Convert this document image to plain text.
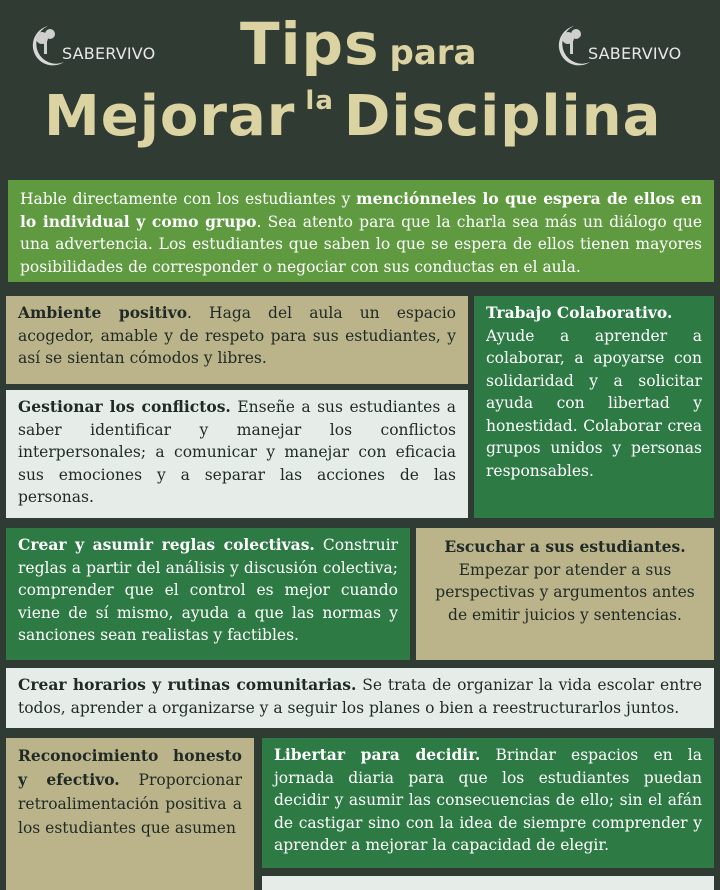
SABERVIVO	SABERVIVO
Tips para
Mejorar $^{la}$ Disciplina
Hable directamente con los estudiantes y menciónneles lo que espera de ellos en lo individual y como grupo. Sea atento para que la charla sea más un diálogo que una advertencia. Los estudiantes que saben lo que se espera de ellos tienen mayores posibilidades de corresponder o negociar con sus conductas en el aula.
Ambiente positivo. Haga del aula un espacio acogedor, amable y de respeto para sus estudiantes, y así se sientan cómodos y libres.
Trabajo Colaborativo.
Ayude a aprender a colaborar, a apoyarse con solidaridad y a solicitar ayuda con libertad y honestidad. Colaborar crea grupos unidos y personas responsables.
Gestionar los conflictos. Enseñe a sus estudiantes a saber identificar y manejar los conflictos interpersonales; a comunicar y manejar con eficacia sus emociones y a separar las acciones de las personas.
Crear y asumir reglas colectivas. Construir reglas a partir del análisis y discusión colectiva; comprender que el control es mejor cuando viene de sí mismo, ayuda a que las normas y sanciones sean realistas y factibles.
Escuchar a sus estudiantes.
Empezar por atender a sus perspectivas y argumentos antes de emitir juicios y sentencias.
Crear horarios y rutinas comunitarias. Se trata de organizar la vida escolar entre todos, aprender a organizarse y a seguir los planes o bien a reestructurarlos juntos.
Reconocimiento honesto y efectivo. Proporcionar retroalimentación positiva a los estudiantes que asumen
Libertar para decidir. Brindar espacios en la jornada diaria para que los estudiantes puedan decidir y asumir las consecuencias de ello; sin el afán de castigar sino con la idea de siempre comprender y aprender a mejorar la capacidad de elegir.
